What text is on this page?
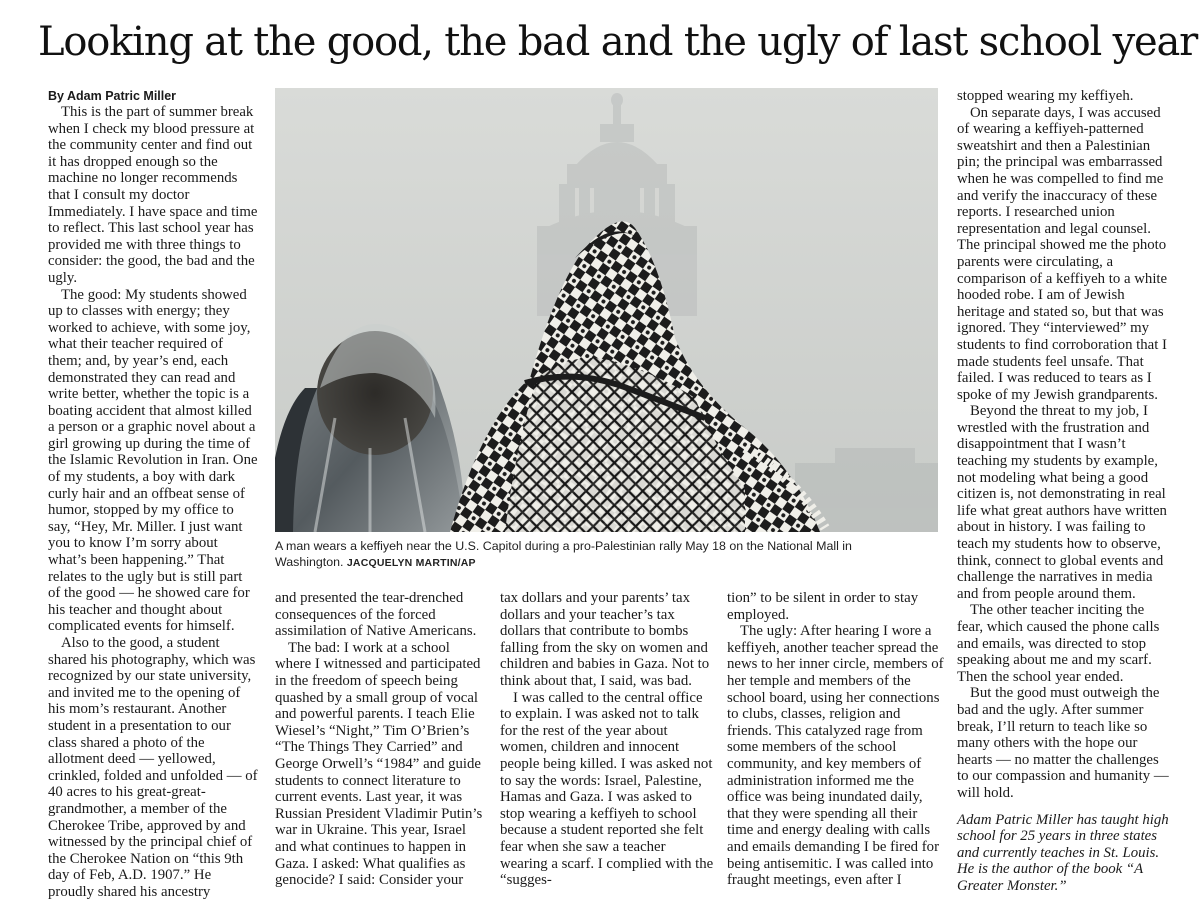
Looking at the good, the bad and the ugly of last school year

By Adam Patric Miller

This is the part of summer break when I check my blood pressure at the community center and find out it has dropped enough so the machine no longer recommends that I consult my doctor Immediately. I have space and time to reflect. This last school year has provided me with three things to consider: the good, the bad and the ugly.

The good: My students showed up to classes with energy; they worked to achieve, with some joy, what their teacher required of them; and, by year’s end, each demonstrated they can read and write better, whether the topic is a boating accident that almost killed a person or a graphic novel about a girl growing up during the time of the Islamic Revolution in Iran. One of my students, a boy with dark curly hair and an offbeat sense of humor, stopped by my office to say, “Hey, Mr. Miller. I just want you to know I’m sorry about what’s been happening.” That relates to the ugly but is still part of the good — he showed care for his teacher and thought about complicated events for himself.

Also to the good, a student shared his photography, which was recognized by our state university, and invited me to the opening of his mom’s restaurant. Another student in a presentation to our class shared a photo of the allotment deed — yellowed, crinkled, folded and unfolded — of 40 acres to his great-great-grandmother, a member of the Cherokee Tribe, approved by and witnessed by the principal chief of the Cherokee Nation on “this 9th day of Feb, A.D. 1907.” He proudly shared his ancestry

A man wears a keffiyeh near the U.S. Capitol during a pro-Palestinian rally May 18 on the National Mall in Washington. JACQUELYN MARTIN/AP

and presented the tear-drenched consequences of the forced assimilation of Native Americans.

The bad: I work at a school where I witnessed and participated in the freedom of speech being quashed by a small group of vocal and powerful parents. I teach Elie Wiesel’s “Night,” Tim O’Brien’s “The Things They Carried” and George Orwell’s “1984” and guide students to connect literature to current events. Last year, it was Russian President Vladimir Putin’s war in Ukraine. This year, Israel and what continues to happen in Gaza. I asked: What qualifies as genocide? I said: Consider your

tax dollars and your parents’ tax dollars and your teacher’s tax dollars that contribute to bombs falling from the sky on women and children and babies in Gaza. Not to think about that, I said, was bad.

I was called to the central office to explain. I was asked not to talk for the rest of the year about women, children and innocent people being killed. I was asked not to say the words: Israel, Palestine, Hamas and Gaza. I was asked to stop wearing a keffiyeh to school because a student reported she felt fear when she saw a teacher wearing a scarf. I complied with the “sugges-

tion” to be silent in order to stay employed.

The ugly: After hearing I wore a keffiyeh, another teacher spread the news to her inner circle, members of her temple and members of the school board, using her connections to clubs, classes, religion and friends. This catalyzed rage from some members of the school community, and key members of administration informed me the office was being inundated daily, that they were spending all their time and energy dealing with calls and emails demanding I be fired for being antisemitic. I was called into fraught meetings, even after I

stopped wearing my keffiyeh.

On separate days, I was accused of wearing a keffiyeh-patterned sweatshirt and then a Palestinian pin; the principal was embarrassed when he was compelled to find me and verify the inaccuracy of these reports. I researched union representation and legal counsel. The principal showed me the photo parents were circulating, a comparison of a keffiyeh to a white hooded robe. I am of Jewish heritage and stated so, but that was ignored. They “interviewed” my students to find corroboration that I made students feel unsafe. That failed. I was reduced to tears as I spoke of my Jewish grandparents.

Beyond the threat to my job, I wrestled with the frustration and disappointment that I wasn’t teaching my students by example, not modeling what being a good citizen is, not demonstrating in real life what great authors have written about in history. I was failing to teach my students how to observe, think, connect to global events and challenge the narratives in media and from people around them.

The other teacher inciting the fear, which caused the phone calls and emails, was directed to stop speaking about me and my scarf. Then the school year ended.

But the good must outweigh the bad and the ugly. After summer break, I’ll return to teach like so many others with the hope our hearts — no matter the challenges to our compassion and humanity — will hold.

Adam Patric Miller has taught high school for 25 years in three states and currently teaches in St. Louis. He is the author of the book “A Greater Monster.”
